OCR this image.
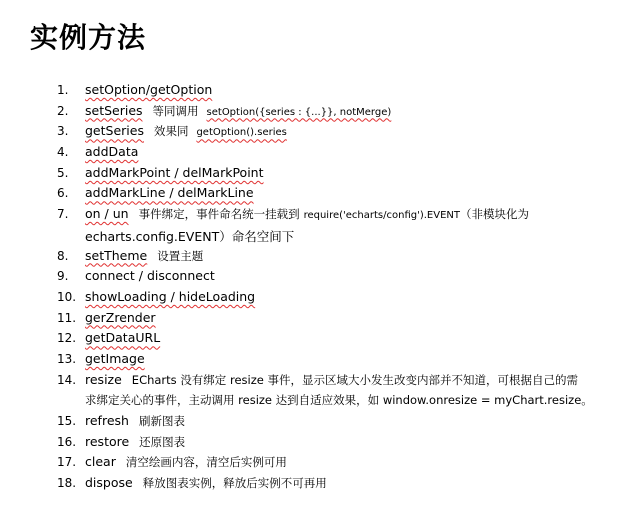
实例方法
1.	setOption/getOption
2.	setSeries 等同调用 setOption({series : {...}}, notMerge)
3.	getSeries 效果同 getOption().series
4.	addData
5.	addMarkPoint / delMarkPoint
6.	addMarkLine / delMarkLine
7.	on / un 事件绑定，事件命名统一挂载到 require('echarts/config').EVENT（非模块化为
echarts.config.EVENT）命名空间下
8.	setTheme 设置主题
9.	connect / disconnect
10. showLoading / hideLoading
11. gerZrender
12. getDataURL
13. getImage
14. resize ECharts 没有绑定 resize 事件，显示区域大小发生改变内部并不知道，可根据自己的需
求绑定关心的事件，主动调用 resize 达到自适应效果，如 window.onresize = myChart.resize。
15. refresh 刷新图表
16. restore 还原图表
17. clear 清空绘画内容，清空后实例可用
18. dispose 释放图表实例，释放后实例不可再用
